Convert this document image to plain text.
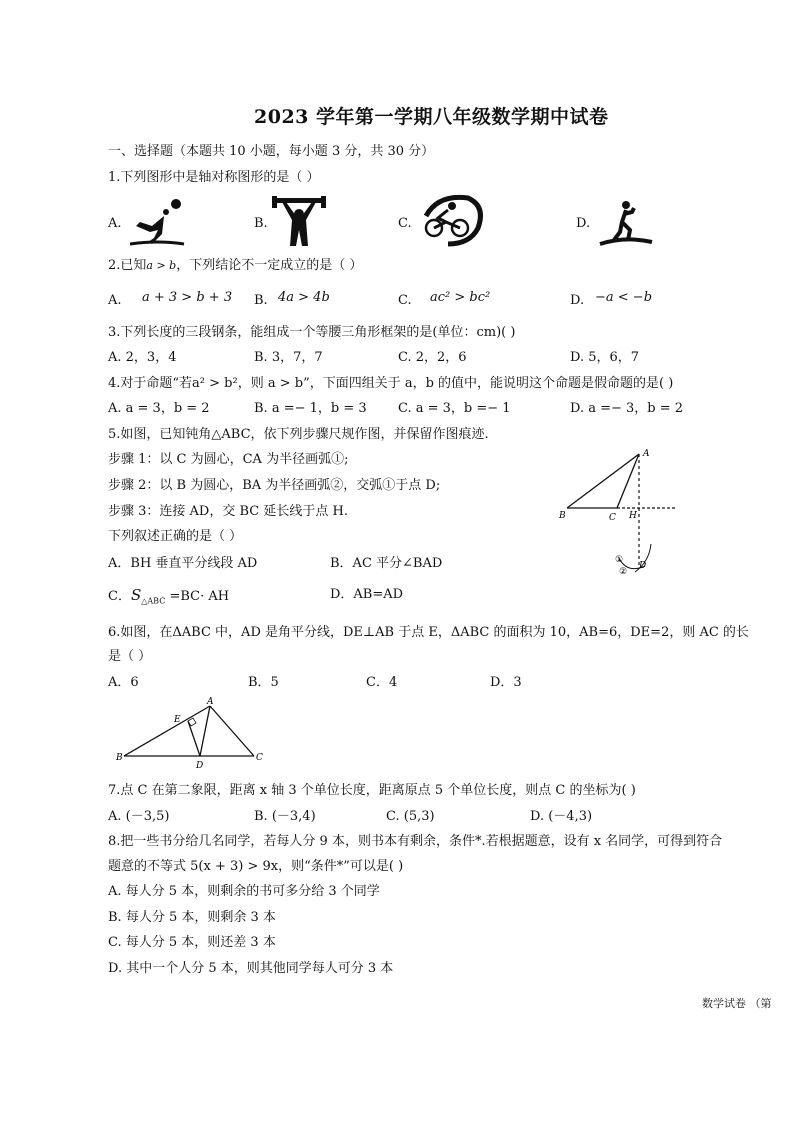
2023 学年第一学期八年级数学期中试卷
一、选择题（本题共 10 小题，每小题 3 分，共 30 分）
1.下列图形中是轴对称图形的是（ ）
A.	B.	C.	D.
2.已知a > b，下列结论不一定成立的是（ ）
A. a + 3 > b + 3 B. 4a > 4b	C. ac² > bc²	D. −a < −b
3.下列长度的三段钢条，能组成一个等腰三角形框架的是(单位：cm)( )
A. 2，3，4	B. 3，7，7	C. 2，2，6	D. 5，6，7
4.对于命题“若a² > b²，则 a > b”，下面四组关于 a，b 的值中，能说明这个命题是假命题的是( )
A. a = 3，b = 2	B. a =− 1，b = 3 C. a = 3，b =− 1	D. a =− 3，b = 2
5.如图，已知钝角△ABC，依下列步骤尺规作图，并保留作图痕迹.
步骤 1：以 C 为圆心，CA 为半径画弧①;
步骤 2：以 B 为圆心，BA 为半径画弧②，交弧①于点 D;
步骤 3：连接 AD，交 BC 延长线于点 H.
下列叙述正确的是（ ）
A．BH 垂直平分线段 AD	B．AC 平分∠BAD
C．$S_{\triangle ABC} =BC\cdot$ AH	D．AB=AD
A
B	C H
D
①
②
6.如图，在ΔABC 中，AD 是角平分线，DE⊥AB 于点 E，ΔABC 的面积为 10，AB=6，DE=2，则 AC 的长
是（ ）
A．6	B．5	C．4	D．3
A
B	C
D
E
7.点 C 在第二象限，距离 x 轴 3 个单位长度，距离原点 5 个单位长度，则点 C 的坐标为( )
A. (－3,5)	B. (－3,4)	C. (5,3)	D. (－4,3)
8.把一些书分给几名同学，若每人分 9 本，则书本有剩余，条件*.若根据题意，设有 x 名同学，可得到符合
题意的不等式 5(x + 3) > 9x，则“条件*”可以是( )
A. 每人分 5 本，则剩余的书可多分给 3 个同学
B. 每人分 5 本，则剩余 3 本
C. 每人分 5 本，则还差 3 本
D. 其中一个人分 5 本，则其他同学每人可分 3 本
数学试卷 （第
